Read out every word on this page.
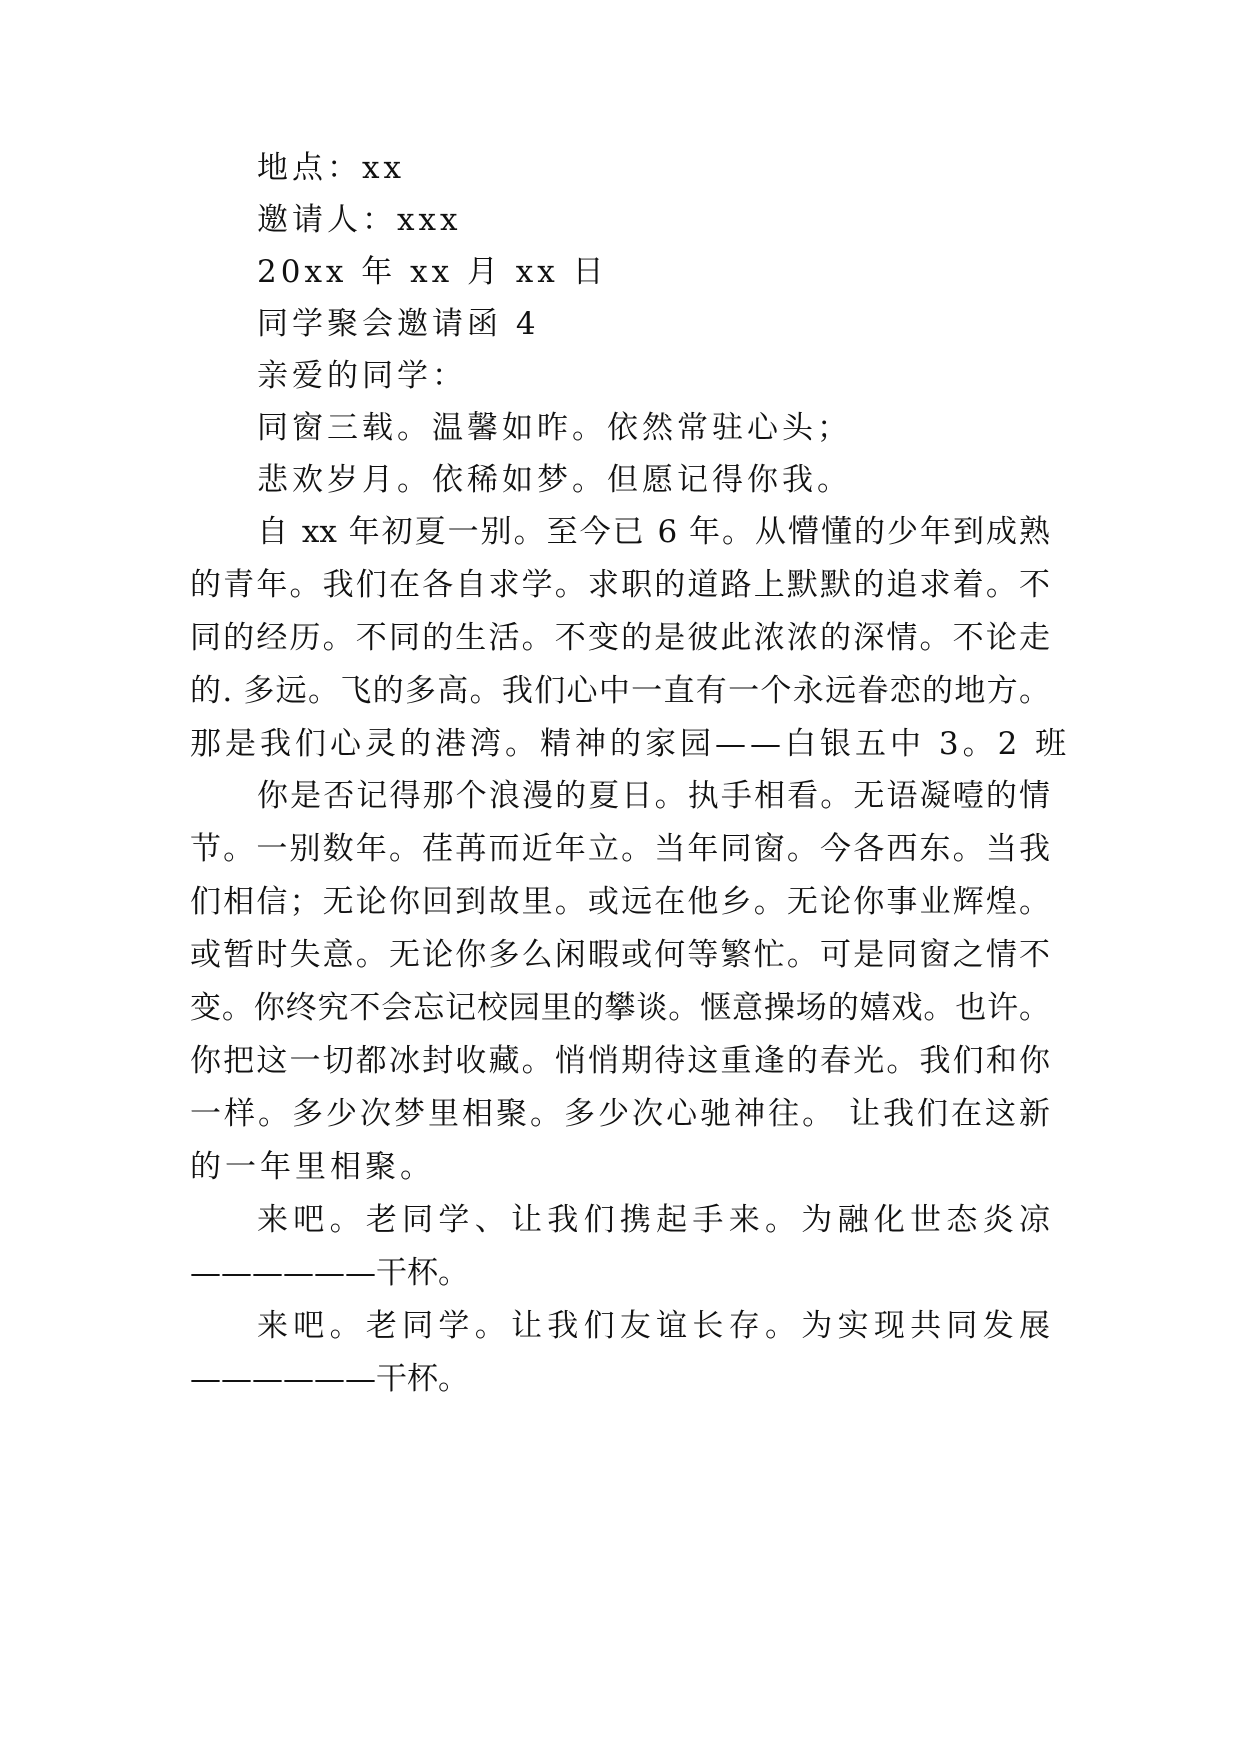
地点：xx
邀请人：xxx
20xx 年 xx 月 xx 日
同学聚会邀请函 4
亲爱的同学：
同窗三载。温馨如昨。依然常驻心头；
悲欢岁月。依稀如梦。但愿记得你我。
自 xx 年初夏一别。至今已 6 年。从懵懂的少年到成熟
的青年。我们在各自求学。求职的道路上默默的追求着。不
同的经历。不同的生活。不变的是彼此浓浓的深情。不论走
的. 多远。飞的多高。我们心中一直有一个永远眷恋的地方。
那是我们心灵的港湾。精神的家园——白银五中 3。2 班
你是否记得那个浪漫的夏日。执手相看。无语凝噎的情
节。一别数年。荏苒而近年立。当年同窗。今各西东。当我
们相信；无论你回到故里。或远在他乡。无论你事业辉煌。
或暂时失意。无论你多么闲暇或何等繁忙。可是同窗之情不
变。你终究不会忘记校园里的攀谈。惬意操场的嬉戏。也许。
你把这一切都冰封收藏。悄悄期待这重逢的春光。我们和你
一样。多少次梦里相聚。多少次心驰神往。 让我们在这新
的一年里相聚。
来吧。老同学、让我们携起手来。为融化世态炎凉
——————干杯。
来吧。老同学。让我们友谊长存。为实现共同发展
——————干杯。
